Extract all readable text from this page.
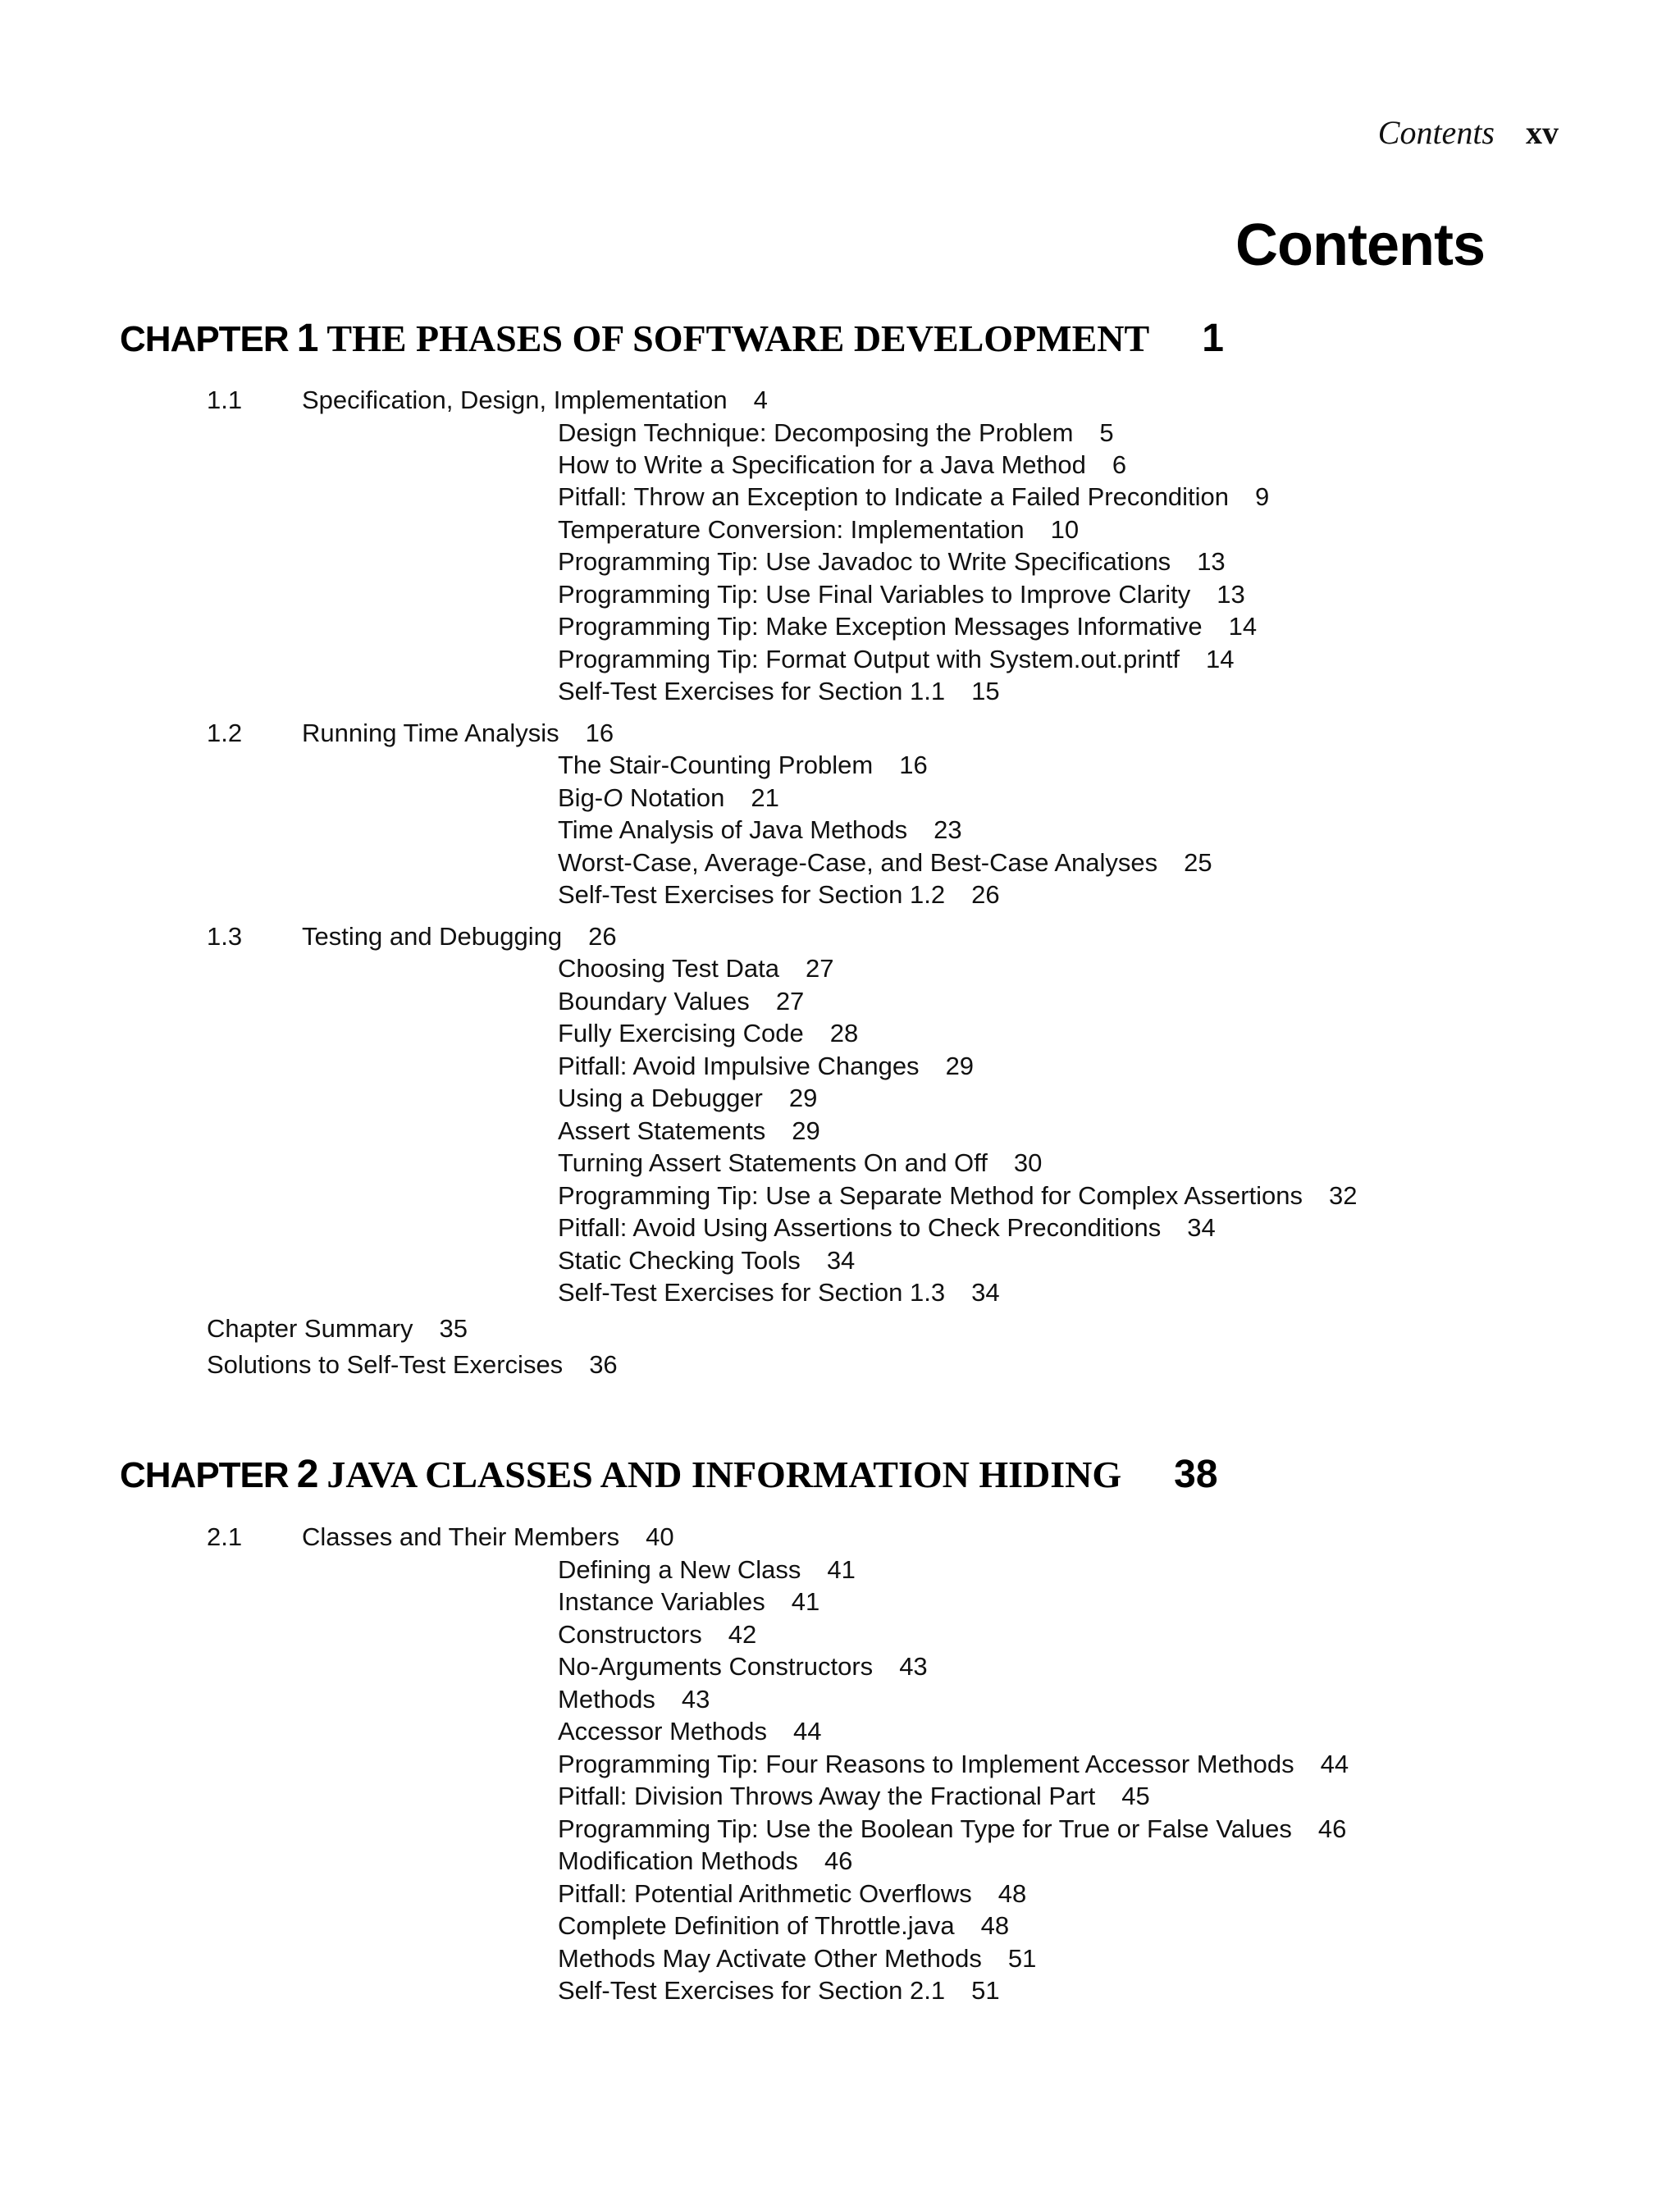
Contents xv
Contents
CHAPTER 1 THE PHASES OF SOFTWARE DEVELOPMENT 1
1.1 Specification, Design, Implementation 4
Design Technique: Decomposing the Problem 5
How to Write a Specification for a Java Method 6
Pitfall: Throw an Exception to Indicate a Failed Precondition 9
Temperature Conversion: Implementation 10
Programming Tip: Use Javadoc to Write Specifications 13
Programming Tip: Use Final Variables to Improve Clarity 13
Programming Tip: Make Exception Messages Informative 14
Programming Tip: Format Output with System.out.printf 14
Self-Test Exercises for Section 1.1 15
1.2 Running Time Analysis 16
The Stair-Counting Problem 16
Big-O Notation 21
Time Analysis of Java Methods 23
Worst-Case, Average-Case, and Best-Case Analyses 25
Self-Test Exercises for Section 1.2 26
1.3 Testing and Debugging 26
Choosing Test Data 27
Boundary Values 27
Fully Exercising Code 28
Pitfall: Avoid Impulsive Changes 29
Using a Debugger 29
Assert Statements 29
Turning Assert Statements On and Off 30
Programming Tip: Use a Separate Method for Complex Assertions 32
Pitfall: Avoid Using Assertions to Check Preconditions 34
Static Checking Tools 34
Self-Test Exercises for Section 1.3 34
Chapter Summary 35
Solutions to Self-Test Exercises 36
CHAPTER 2 JAVA CLASSES AND INFORMATION HIDING 38
2.1 Classes and Their Members 40
Defining a New Class 41
Instance Variables 41
Constructors 42
No-Arguments Constructors 43
Methods 43
Accessor Methods 44
Programming Tip: Four Reasons to Implement Accessor Methods 44
Pitfall: Division Throws Away the Fractional Part 45
Programming Tip: Use the Boolean Type for True or False Values 46
Modification Methods 46
Pitfall: Potential Arithmetic Overflows 48
Complete Definition of Throttle.java 48
Methods May Activate Other Methods 51
Self-Test Exercises for Section 2.1 51
